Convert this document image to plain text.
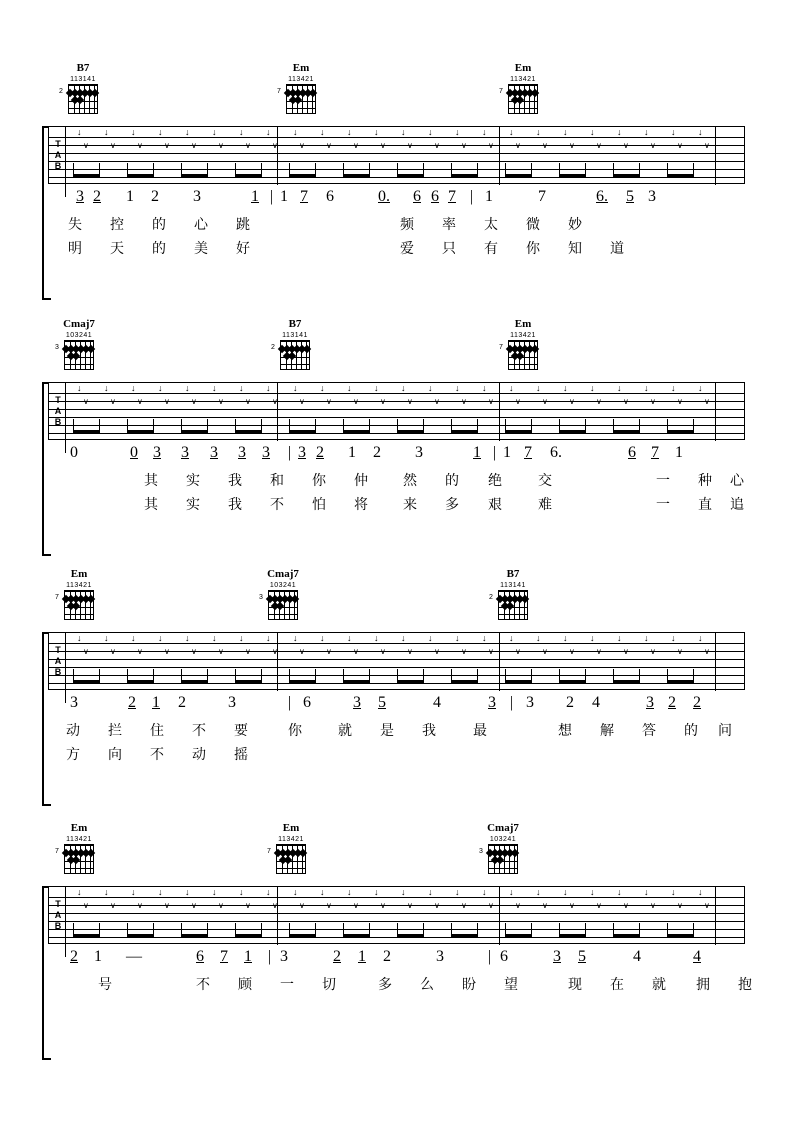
B7
113141
2
Em
113421
7
Em
113421
7
T
A
B
↓	↓	↓	↓	↓	↓	↓	↓	↓	↓	↓	↓	↓	↓	↓	↓	↓	↓	↓	↓	↓	↓	↓	↓
∨	∨	∨	∨	∨	∨	∨	∨	∨	∨	∨	∨	∨	∨	∨	∨	∨	∨	∨	∨	∨	∨	∨	∨
3 2 1 2 3	1 | 1 7 6	0. 6 6 7 | 1	7	6. 5 3
失 控 的 心 跳	频 率 太 微 妙
明 天 的 美 好	爱 只 有 你 知 道
Cmaj7
103241
3
B7
113141
2
Em
113421
7
T
A
B
↓	↓	↓	↓	↓	↓	↓	↓	↓	↓	↓	↓	↓	↓	↓	↓	↓	↓	↓	↓	↓	↓	↓	↓
∨	∨	∨	∨	∨	∨	∨	∨	∨	∨	∨	∨	∨	∨	∨	∨	∨	∨	∨	∨	∨	∨	∨	∨
0	0 3 3 3 3 3 | 3 2 1 2 3	1 | 1 7 6.	6 7 1
其 实 我 和 你 仲	然 的 绝	交	一 种 心
其 实 我 不 怕 将	来 多 艰	难	一 直 追
Em
113421
7
Cmaj7
103241
3
B7
113141
2
T
A
B
↓	↓	↓	↓	↓	↓	↓	↓	↓	↓	↓	↓	↓	↓	↓	↓	↓	↓	↓	↓	↓	↓	↓	↓
∨	∨	∨	∨	∨	∨	∨	∨	∨	∨	∨	∨	∨	∨	∨	∨	∨	∨	∨	∨	∨	∨	∨	∨
3	2 1 2	3	| 6	3 5	4	3 | 3 2 4	3 2 2
动 拦 住 不 要	你	就 是 我	最	想 解 答 的 问
方 向 不 动 摇
Em
113421
7
Em
113421
7
Cmaj7
103241
3
T
A
B
↓	↓	↓	↓	↓	↓	↓	↓	↓	↓	↓	↓	↓	↓	↓	↓	↓	↓	↓	↓	↓	↓	↓	↓
∨	∨	∨	∨	∨	∨	∨	∨	∨	∨	∨	∨	∨	∨	∨	∨	∨	∨	∨	∨	∨	∨	∨	∨
2 1 —	6 7 1 | 3	2 1 2	3	| 6	3 5	4	4
号	不 顾 一 切	多 么 盼 望	现 在 就 拥 抱
